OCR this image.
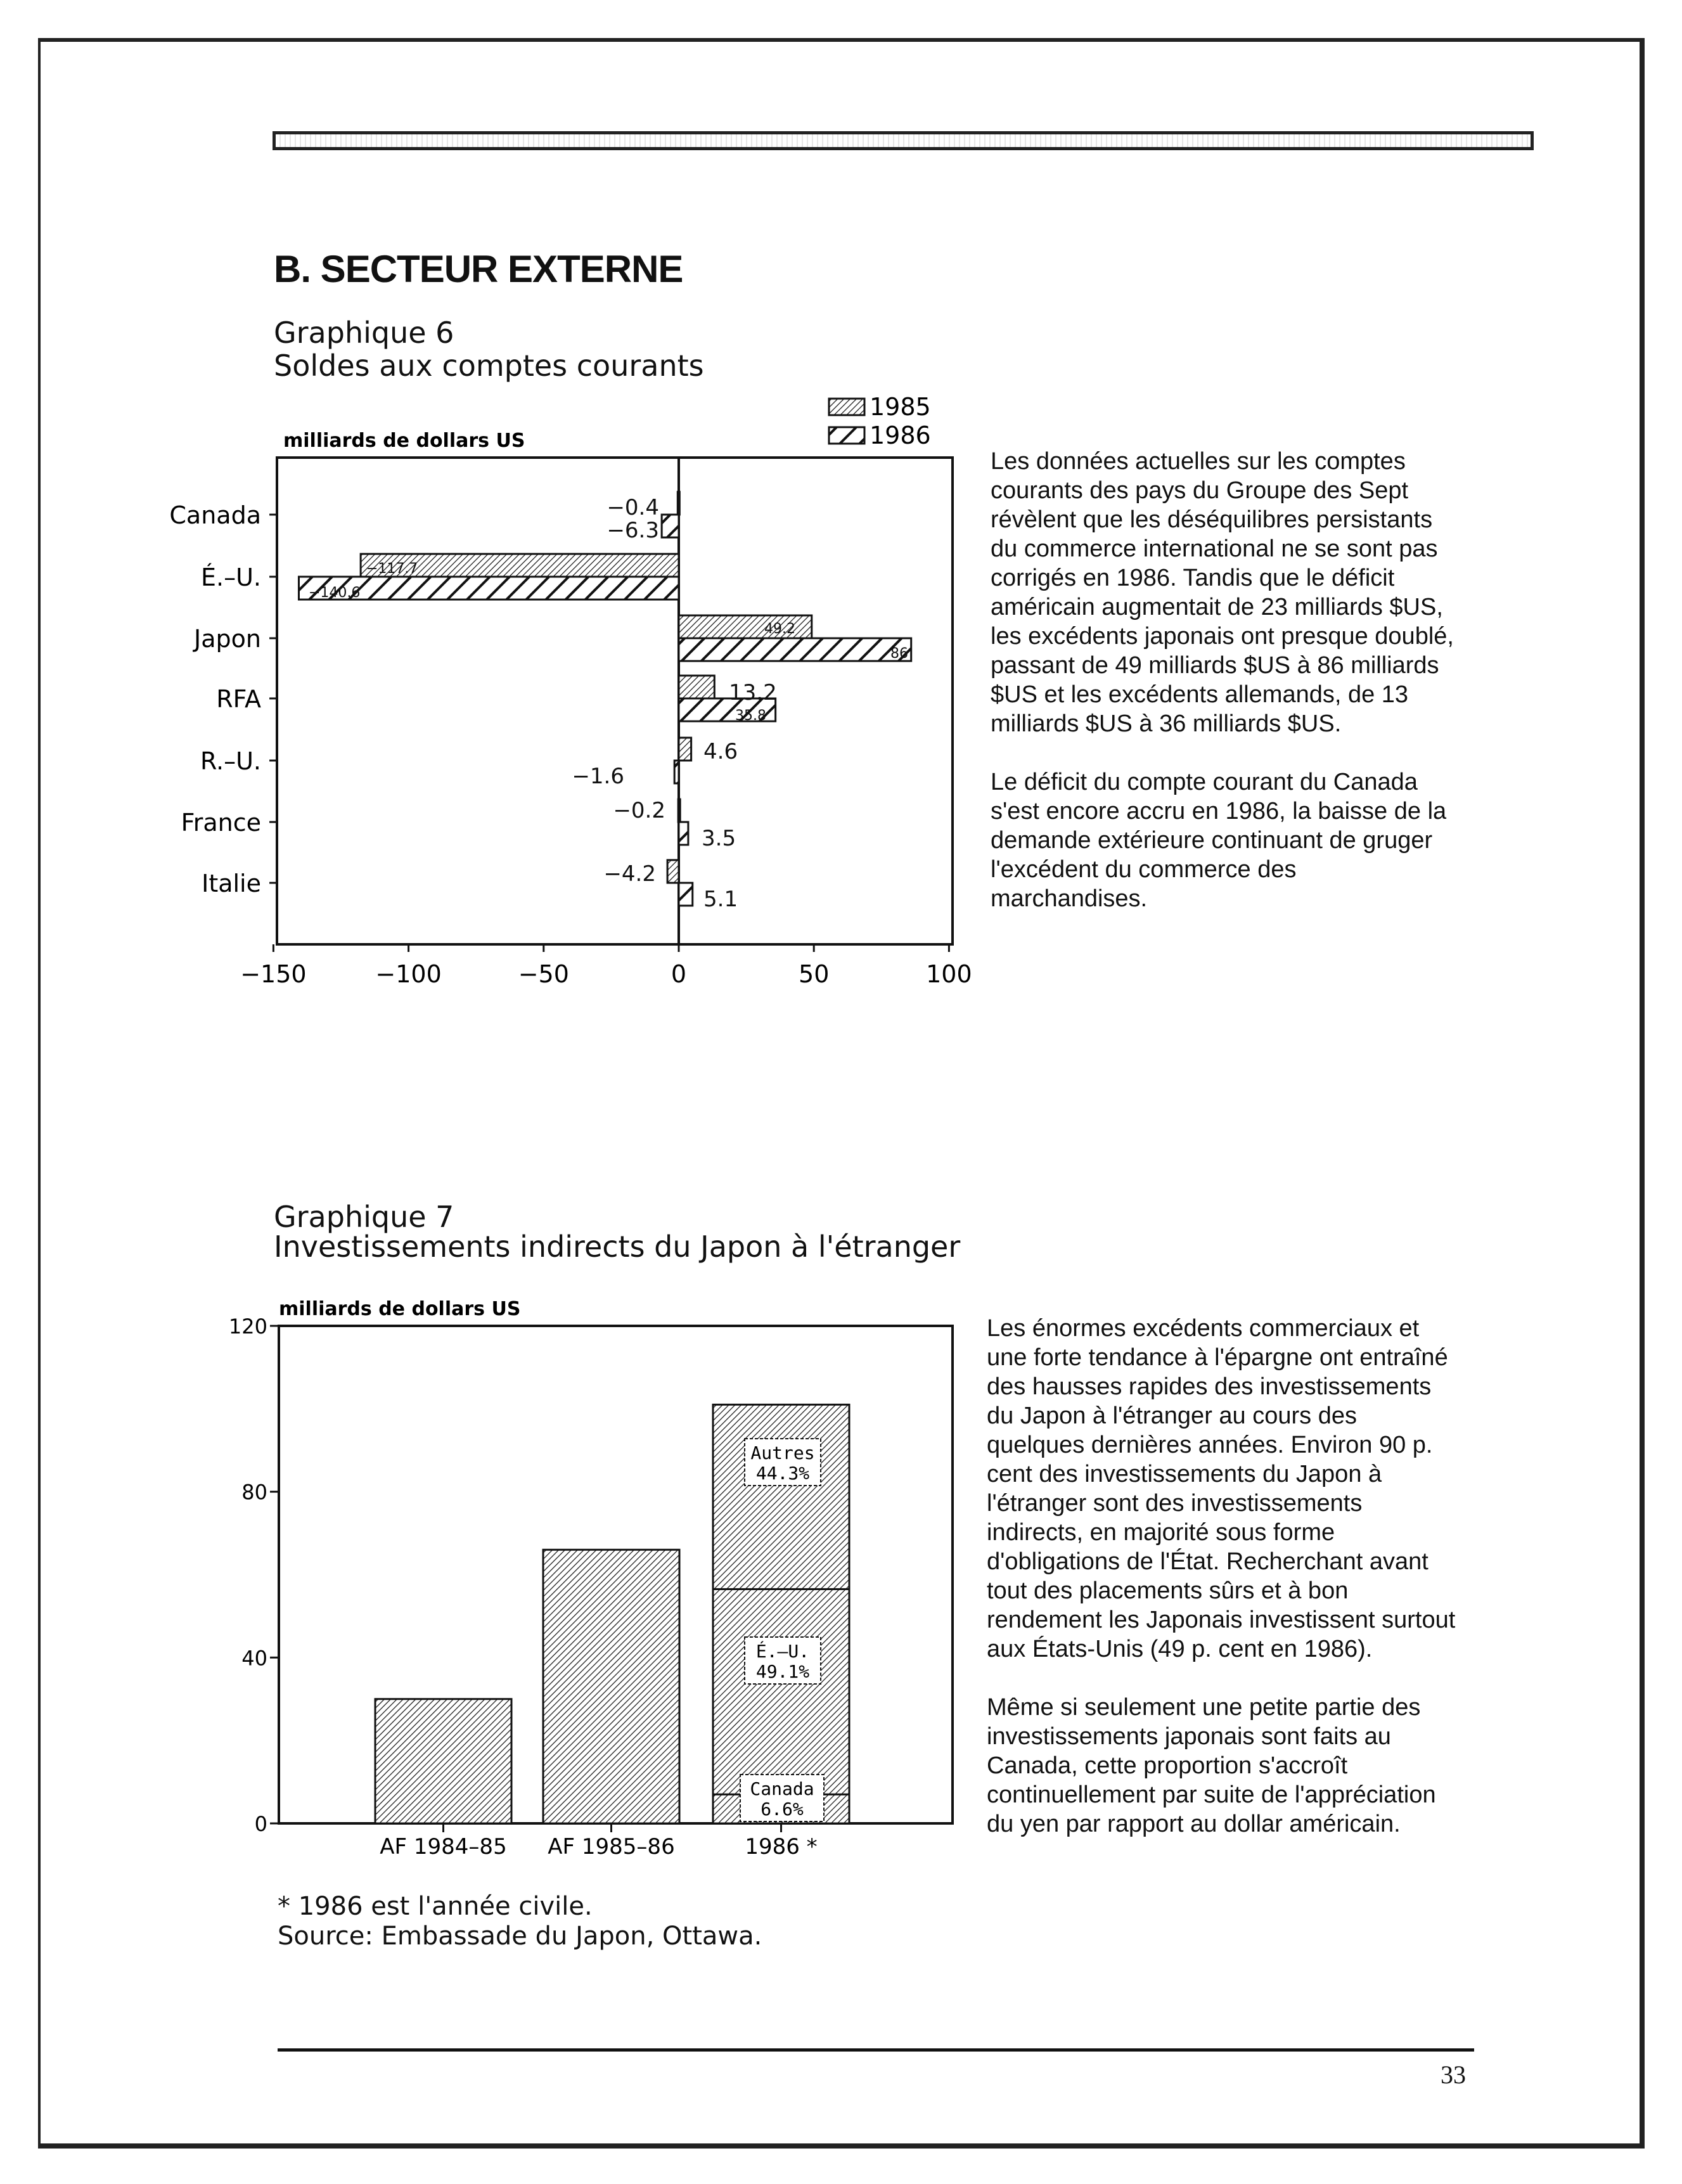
B. SECTEUR EXTERNE
Graphique 6
Soldes aux comptes courants

Les données actuelles sur les comptes courants des pays du Groupe des Sept révèlent que les déséquilibres persistants du commerce international ne se sont pas corrigés en 1986. Tandis que le déficit américain augmentait de 23 milliards $US, les excédents japonais ont presque doublé, passant de 49 milliards $US à 86 milliards $US et les excédents allemands, de 13 milliards $US à 36 milliards $US.

Le déficit du compte courant du Canada s'est encore accru en 1986, la baisse de la demande extérieure continuant de gruger l'excédent du commerce des marchandises.

Graphique 7
Investissements indirects du Japon à l'étranger

Les énormes excédents commerciaux et une forte tendance à l'épargne ont entraîné des hausses rapides des investissements du Japon à l'étranger au cours des quelques dernières années. Environ 90 p. cent des investissements du Japon à l'étranger sont des investissements indirects, en majorité sous forme d'obligations de l'État. Recherchant avant tout des placements sûrs et à bon rendement les Japonais investissent surtout aux États-Unis (49 p. cent en 1986).

Même si seulement une petite partie des investissements japonais sont faits au Canada, cette proportion s'accroît continuellement par suite de l'appréciation du yen par rapport au dollar américain.

* 1986 est l'année civile.
Source: Embassade du Japon, Ottawa.
33
milliards de dollars US
Canada
É.–U.
Japon
RFA
R.–U.
France
Italie
−150	−100	−50	0	50	100
−0.4
−6.3
−117.7
−140.6
49.2
86
13.2
35.8
4.6
−1.6
−0.2
3.5
−4.2
5.1
1985
1986
milliards de dollars US
0
40
80
120
AF 1984–85 AF 1985–86	1986 *
Canada
6.6%
É.–U.
49.1%
Autres
44.3%
